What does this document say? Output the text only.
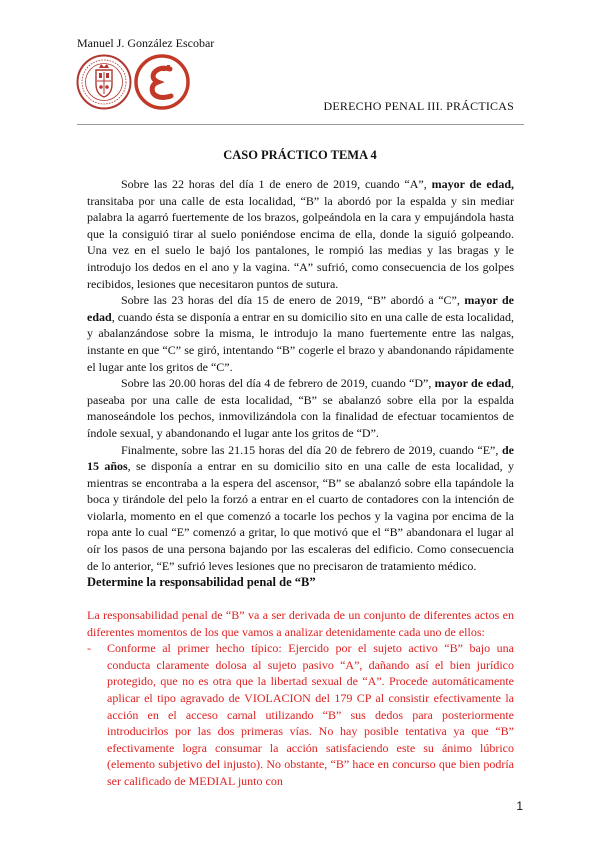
Manuel J. González Escobar
DERECHO PENAL III. PRÁCTICAS
CASO PRÁCTICO TEMA 4

Sobre las 22 horas del día 1 de enero de 2019, cuando “A”, mayor de edad, transitaba por una calle de esta localidad, “B” la abordó por la espalda y sin mediar palabra la agarró fuertemente de los brazos, golpeándola en la cara y empujándola hasta que la consiguió tirar al suelo poniéndose encima de ella, donde la siguió golpeando. Una vez en el suelo le bajó los pantalones, le rompió las medias y las bragas y le introdujo los dedos en el ano y la vagina. “A” sufrió, como consecuencia de los golpes recibidos, lesiones que necesitaron puntos de sutura.

Sobre las 23 horas del día 15 de enero de 2019, “B” abordó a “C”, mayor de edad, cuando ésta se disponía a entrar en su domicilio sito en una calle de esta localidad, y abalanzándose sobre la misma, le introdujo la mano fuertemente entre las nalgas, instante en que “C” se giró, intentando “B” cogerle el brazo y abandonando rápidamente el lugar ante los gritos de “C”.

Sobre las 20.00 horas del día 4 de febrero de 2019, cuando “D”, mayor de edad, paseaba por una calle de esta localidad, “B” se abalanzó sobre ella por la espalda manoseándole los pechos, inmovilizándola con la finalidad de efectuar tocamientos de índole sexual, y abandonando el lugar ante los gritos de “D”.

Finalmente, sobre las 21.15 horas del día 20 de febrero de 2019, cuando “E”, de 15 años, se disponía a entrar en su domicilio sito en una calle de esta localidad, y mientras se encontraba a la espera del ascensor, “B” se abalanzó sobre ella tapándole la boca y tirándole del pelo la forzó a entrar en el cuarto de contadores con la intención de violarla, momento en el que comenzó a tocarle los pechos y la vagina por encima de la ropa ante lo cual “E” comenzó a gritar, lo que motivó que el “B” abandonara el lugar al oír los pasos de una persona bajando por las escaleras del edificio. Como consecuencia de lo anterior, “E” sufrió leves lesiones que no precisaron de tratamiento médico.

Determine la responsabilidad penal de “B”

La responsabilidad penal de “B” va a ser derivada de un conjunto de diferentes actos en diferentes momentos de los que vamos a analizar detenidamente cada uno de ellos:

- Conforme al primer hecho típico: Ejercido por el sujeto activo “B” bajo una conducta claramente dolosa al sujeto pasivo “A”, dañando así el bien jurídico protegido, que no es otra que la libertad sexual de “A”. Procede automáticamente aplicar el tipo agravado de VIOLACION del 179 CP al consistir efectivamente la acción en el acceso carnal utilizando “B” sus dedos para posteriormente introducirlos por las dos primeras vías. No hay posible tentativa ya que “B” efectivamente logra consumar la acción satisfaciendo este su ánimo lúbrico (elemento subjetivo del injusto). No obstante, “B” hace en concurso que bien podría ser calificado de MEDIAL junto con
1
